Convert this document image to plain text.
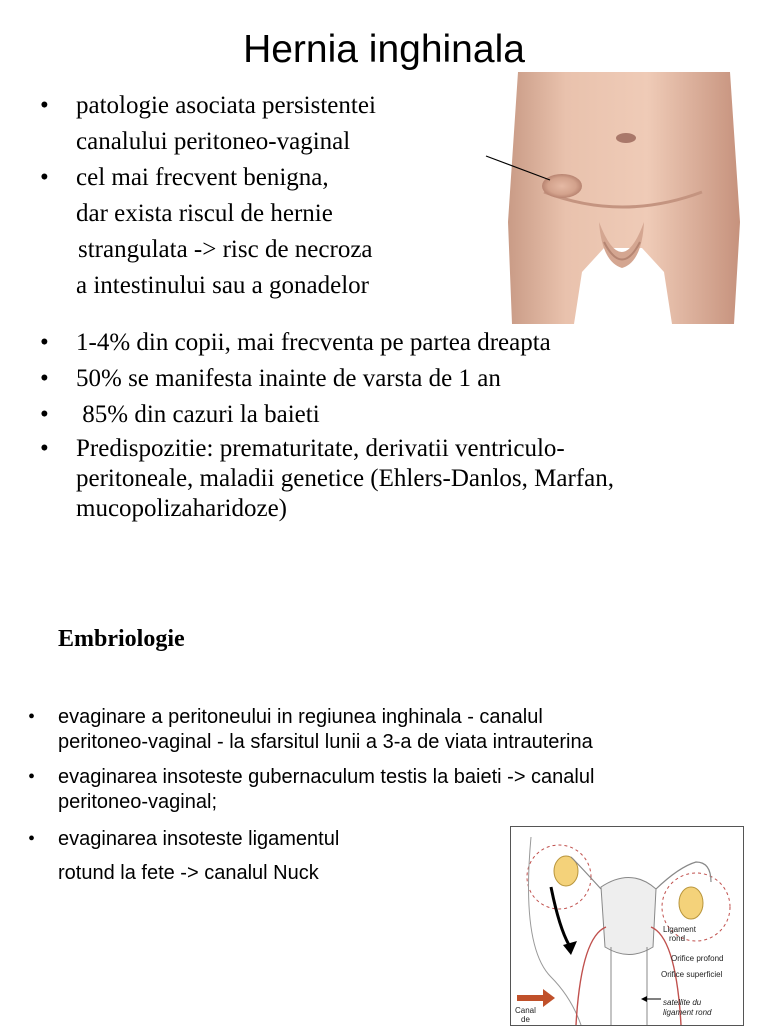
Hernia inghinala
• patologie asociata persistentei
canalului peritoneo-vaginal
• cel mai frecvent benigna,
dar exista riscul de hernie
strangulata -> risc de necroza
a intestinului sau a gonadelor
• 1-4% din copii, mai frecventa pe partea dreapta
• 50% se manifesta inainte de varsta de 1 an
• 85% din cazuri la baieti
• Predispozitie: prematuritate, derivatii ventriculo-
peritoneale, maladii genetice (Ehlers-Danlos, Marfan,
mucopolizaharidoze)
Embriologie
• evaginare a peritoneului in regiunea inghinala - canalul
peritoneo-vaginal - la sfarsitul lunii a 3-a de viata intrauterina
• evaginarea insoteste gubernaculum testis la baieti -> canalul
peritoneo-vaginal;
• evaginarea insoteste ligamentul
rotund la fete -> canalul Nuck
Ligament
rond
Orifice profond
Orifice superficiel
satellite du
ligament rond
Canal
de
